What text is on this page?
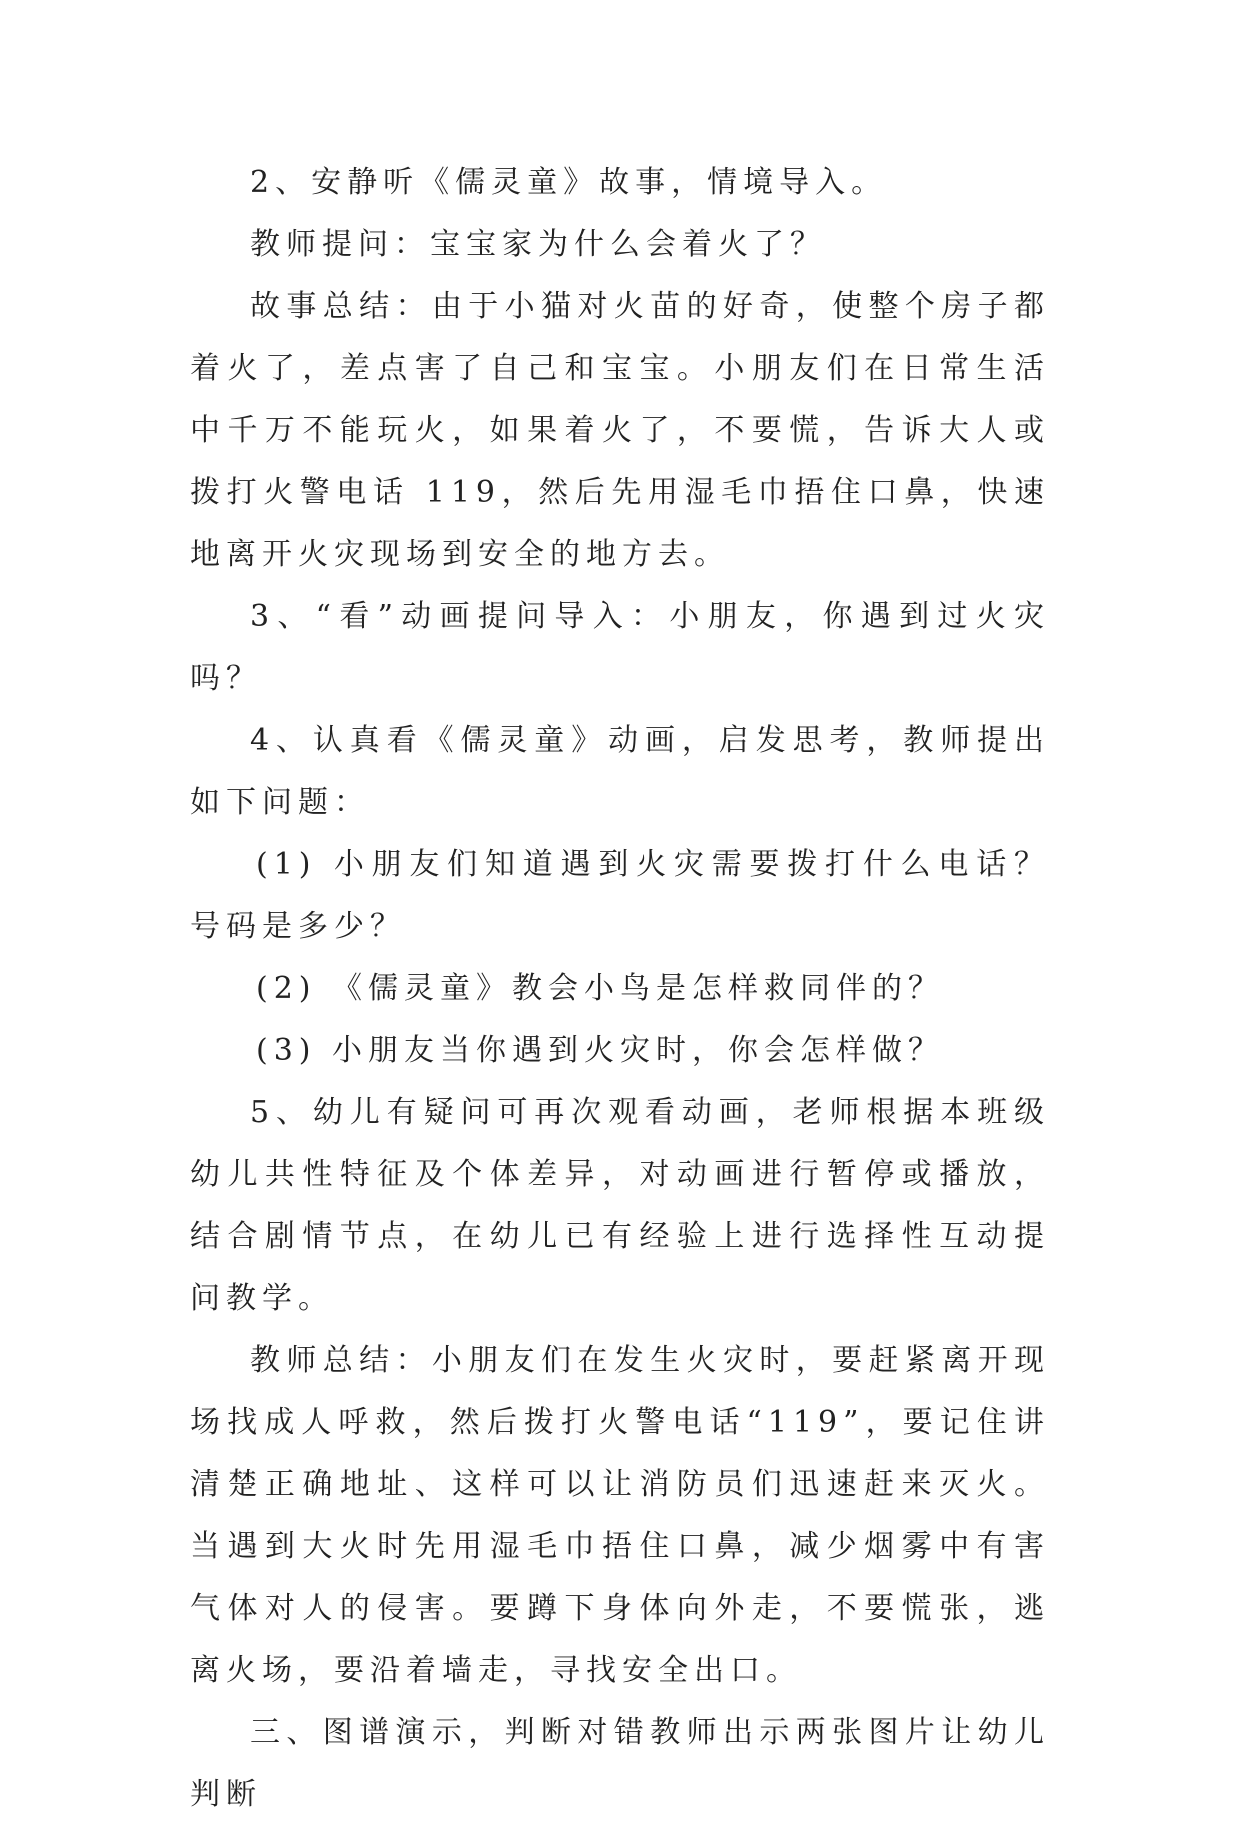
2、安静听《儒灵童》故事，情境导入。

教师提问：宝宝家为什么会着火了？

故事总结：由于小猫对火苗的好奇，使整个房子都着火了，差点害了自己和宝宝。小朋友们在日常生活中千万不能玩火，如果着火了，不要慌，告诉大人或拨打火警电话 119，然后先用湿毛巾捂住口鼻，快速地离开火灾现场到安全的地方去。

3、“看”动画提问导入：小朋友，你遇到过火灾吗？

4、认真看《儒灵童》动画，启发思考，教师提出如下问题：

(1) 小朋友们知道遇到火灾需要拨打什么电话？号码是多少？

(2) 《儒灵童》教会小鸟是怎样救同伴的？

(3) 小朋友当你遇到火灾时，你会怎样做？

5、幼儿有疑问可再次观看动画，老师根据本班级幼儿共性特征及个体差异，对动画进行暂停或播放，结合剧情节点，在幼儿已有经验上进行选择性互动提问教学。

教师总结：小朋友们在发生火灾时，要赶紧离开现场找成人呼救，然后拨打火警电话“119”，要记住讲清楚正确地址、这样可以让消防员们迅速赶来灭火。当遇到大火时先用湿毛巾捂住口鼻，减少烟雾中有害气体对人的侵害。要蹲下身体向外走，不要慌张，逃离火场，要沿着墙走，寻找安全出口。

三、图谱演示，判断对错教师出示两张图片让幼儿判断
